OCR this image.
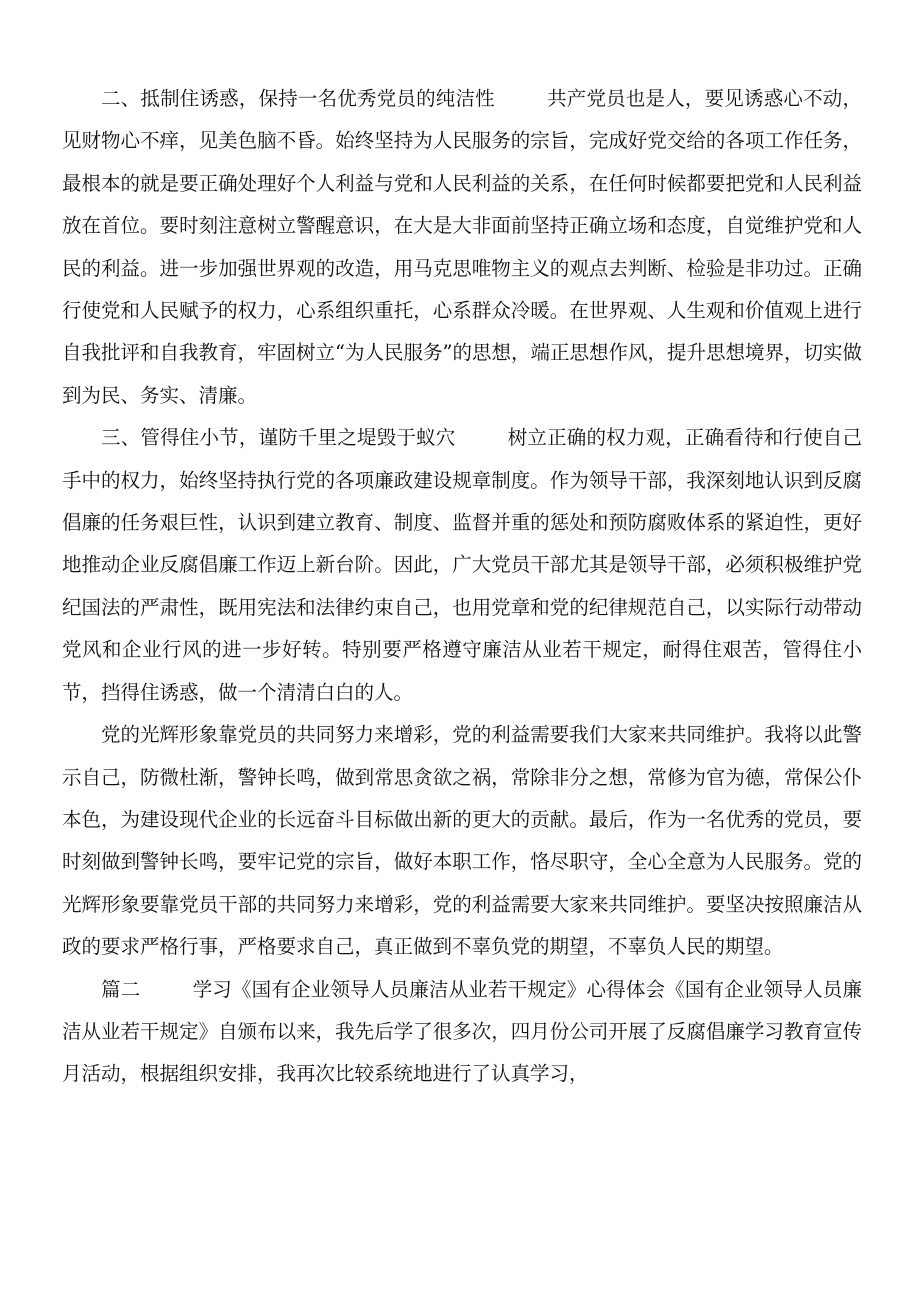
二、抵制住诱惑，保持一名优秀党员的纯洁性	共产党员也是人，要见诱惑心不动，见财物心不痒，见美色脑不昏。始终坚持为人民服务的宗旨，完成好党交给的各项工作任务，最根本的就是要正确处理好个人利益与党和人民利益的关系，在任何时候都要把党和人民利益放在首位。要时刻注意树立警醒意识，在大是大非面前坚持正确立场和态度，自觉维护党和人民的利益。进一步加强世界观的改造，用马克思唯物主义的观点去判断、检验是非功过。正确行使党和人民赋予的权力，心系组织重托，心系群众冷暖。在世界观、人生观和价值观上进行自我批评和自我教育，牢固树立“为人民服务”的思想，端正思想作风，提升思想境界，切实做到为民、务实、清廉。

三、管得住小节，谨防千里之堤毁于蚁穴	树立正确的权力观，正确看待和行使自己手中的权力，始终坚持执行党的各项廉政建设规章制度。作为领导干部，我深刻地认识到反腐倡廉的任务艰巨性，认识到建立教育、制度、监督并重的惩处和预防腐败体系的紧迫性，更好地推动企业反腐倡廉工作迈上新台阶。因此，广大党员干部尤其是领导干部，必须积极维护党纪国法的严肃性，既用宪法和法律约束自己，也用党章和党的纪律规范自己，以实际行动带动党风和企业行风的进一步好转。特别要严格遵守廉洁从业若干规定，耐得住艰苦，管得住小节，挡得住诱惑，做一个清清白白的人。

党的光辉形象靠党员的共同努力来增彩，党的利益需要我们大家来共同维护。我将以此警示自己，防微杜渐，警钟长鸣，做到常思贪欲之祸，常除非分之想，常修为官为德，常保公仆本色，为建设现代企业的长远奋斗目标做出新的更大的贡献。最后，作为一名优秀的党员，要时刻做到警钟长鸣，要牢记党的宗旨，做好本职工作，恪尽职守，全心全意为人民服务。党的光辉形象要靠党员干部的共同努力来增彩，党的利益需要大家来共同维护。要坚决按照廉洁从政的要求严格行事，严格要求自己，真正做到不辜负党的期望，不辜负人民的期望。

篇二	学习《国有企业领导人员廉洁从业若干规定》心得体会《国有企业领导人员廉洁从业若干规定》自颁布以来，我先后学了很多次，四月份公司开展了反腐倡廉学习教育宣传月活动，根据组织安排，我再次比较系统地进行了认真学习，
